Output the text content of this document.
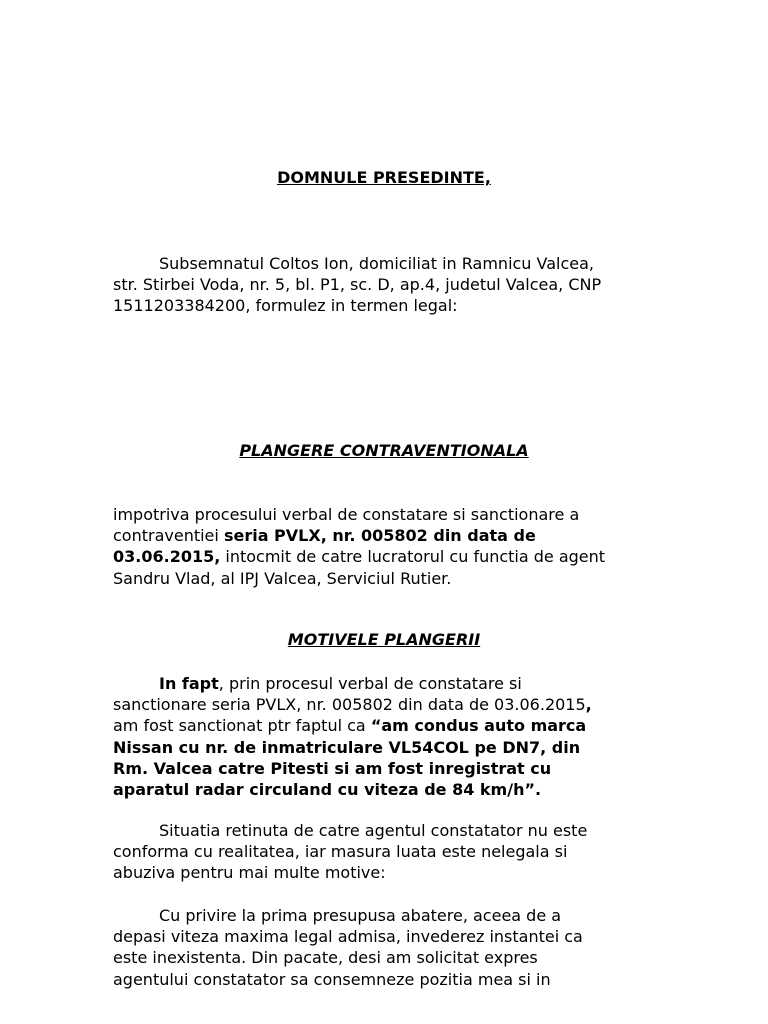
DOMNULE PRESEDINTE,
Subsemnatul Coltos Ion, domiciliat in Ramnicu Valcea,
str. Stirbei Voda, nr. 5, bl. P1, sc. D, ap.4, judetul Valcea, CNP
1511203384200, formulez in termen legal:
PLANGERE CONTRAVENTIONALA
impotriva procesului verbal de constatare si sanctionare a
contraventiei seria PVLX, nr. 005802 din data de
03.06.2015, intocmit de catre lucratorul cu functia de agent
Sandru Vlad, al IPJ Valcea, Serviciul Rutier.
MOTIVELE PLANGERII
In fapt, prin procesul verbal de constatare si
sanctionare seria PVLX, nr. 005802 din data de 03.06.2015,
am fost sanctionat ptr faptul ca “am condus auto marca
Nissan cu nr. de inmatriculare VL54COL pe DN7, din
Rm. Valcea catre Pitesti si am fost inregistrat cu
aparatul radar circuland cu viteza de 84 km/h”.
Situatia retinuta de catre agentul constatator nu este
conforma cu realitatea, iar masura luata este nelegala si
abuziva pentru mai multe motive:
Cu privire la prima presupusa abatere, aceea de a
depasi viteza maxima legal admisa, invederez instantei ca
este inexistenta. Din pacate, desi am solicitat expres
agentului constatator sa consemneze pozitia mea si in
